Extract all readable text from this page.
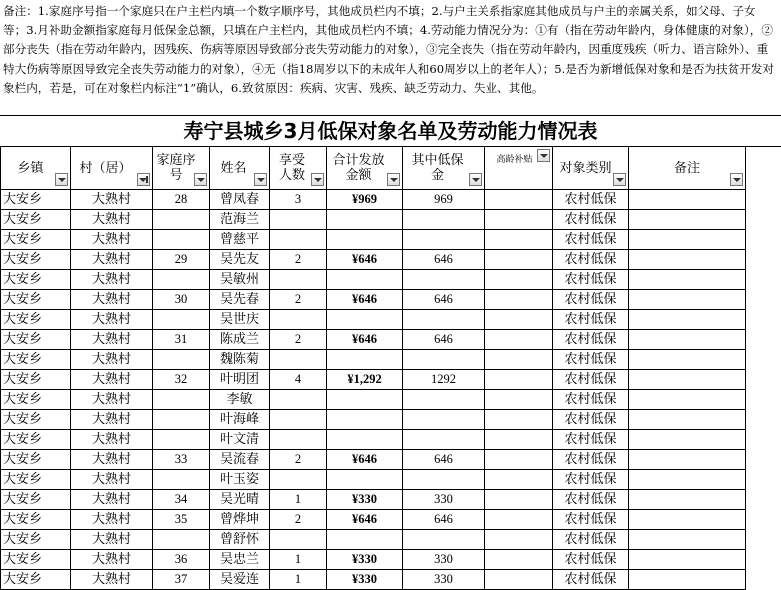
备注：1.家庭序号指一个家庭只在户主栏内填一个数字顺序号，其他成员栏内不填；2.与户主关系指家庭其他成员与户主的亲属关系，如父母、子女等；3.月补助金额指家庭每月低保金总额，只填在户主栏内，其他成员栏内不填；4.劳动能力情况分为：①有（指在劳动年龄内，身体健康的对象），②部分丧失（指在劳动年龄内，因残疾、伤病等原因导致部分丧失劳动能力的对象），③完全丧失（指在劳动年龄内，因重度残疾（听力、语言除外）、重特大伤病等原因导致完全丧失劳动能力的对象），④无（指18周岁以下的未成年人和60周岁以上的老年人）；5.是否为新增低保对象和是否为扶贫开发对象栏内，若是，可在对象栏内标注“1”确认，6.致贫原因：疾病、灾害、残疾、缺乏劳动力、失业、其他。
寿宁县城乡3月低保对象名单及劳动能力情况表
乡镇	村（居）	家庭序号	姓名	享受人数	合计发放金额	其中低保金	高龄补贴	对象类别	备注

大安乡	大熟村	28	曾凤春	3	¥969	969		农村低保	
大安乡	大熟村		范海兰					农村低保	
大安乡	大熟村		曾慈平					农村低保	
大安乡	大熟村	29	吴先友	2	¥646	646		农村低保	
大安乡	大熟村		吴敏州					农村低保	
大安乡	大熟村	30	吴先春	2	¥646	646		农村低保	
大安乡	大熟村		吴世庆					农村低保	
大安乡	大熟村	31	陈成兰	2	¥646	646		农村低保	
大安乡	大熟村		魏陈菊					农村低保	
大安乡	大熟村	32	叶明团	4	¥1,292	1292		农村低保	
大安乡	大熟村		李敏					农村低保	
大安乡	大熟村		叶海峰					农村低保	
大安乡	大熟村		叶文清					农村低保	
大安乡	大熟村	33	吴流春	2	¥646	646		农村低保	
大安乡	大熟村		叶玉姿					农村低保	
大安乡	大熟村	34	吴光晴	1	¥330	330		农村低保	
大安乡	大熟村	35	曾烨坤	2	¥646	646		农村低保	
大安乡	大熟村		曾舒怀					农村低保	
大安乡	大熟村	36	吴忠兰	1	¥330	330		农村低保	
大安乡	大熟村	37	吴爱连	1	¥330	330		农村低保	
